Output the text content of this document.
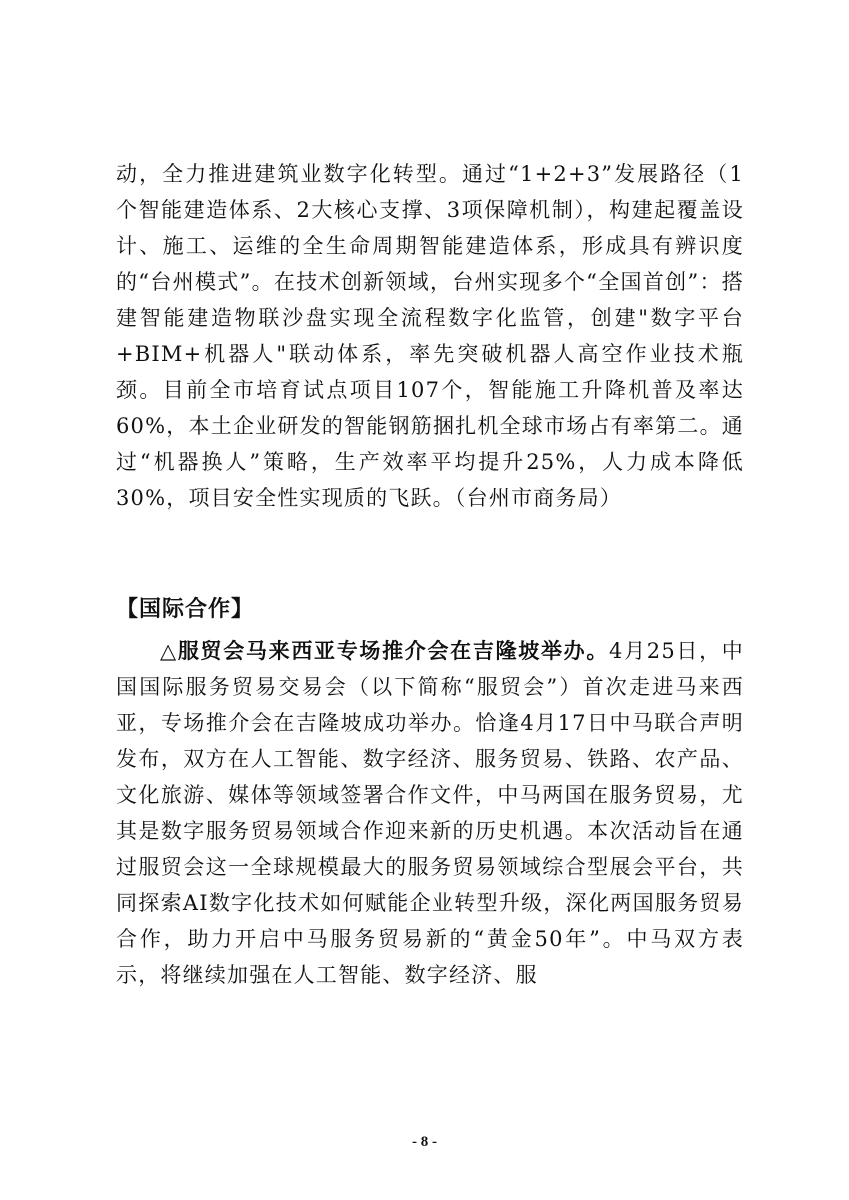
动，全力推进建筑业数字化转型。通过“1+2+3”发展路径（1个智能建造体系、2大核心支撑、3项保障机制），构建起覆盖设计、施工、运维的全生命周期智能建造体系，形成具有辨识度的“台州模式”。在技术创新领域，台州实现多个“全国首创”：搭建智能建造物联沙盘实现全流程数字化监管，创建"数字平台+BIM+机器人"联动体系，率先突破机器人高空作业技术瓶颈。目前全市培育试点项目107个，智能施工升降机普及率达60%，本土企业研发的智能钢筋捆扎机全球市场占有率第二。通过“机器换人”策略，生产效率平均提升25%，人力成本降低30%，项目安全性实现质的飞跃。（台州市商务局）

【国际合作】

△服贸会马来西亚专场推介会在吉隆坡举办。4月25日，中国国际服务贸易交易会（以下简称“服贸会”）首次走进马来西亚，专场推介会在吉隆坡成功举办。恰逢4月17日中马联合声明发布，双方在人工智能、数字经济、服务贸易、铁路、农产品、文化旅游、媒体等领域签署合作文件，中马两国在服务贸易，尤其是数字服务贸易领域合作迎来新的历史机遇。本次活动旨在通过服贸会这一全球规模最大的服务贸易领域综合型展会平台，共同探索AI数字化技术如何赋能企业转型升级，深化两国服务贸易合作，助力开启中马服务贸易新的“黄金50年”。中马双方表示，将继续加强在人工智能、数字经济、服

- 8 -
